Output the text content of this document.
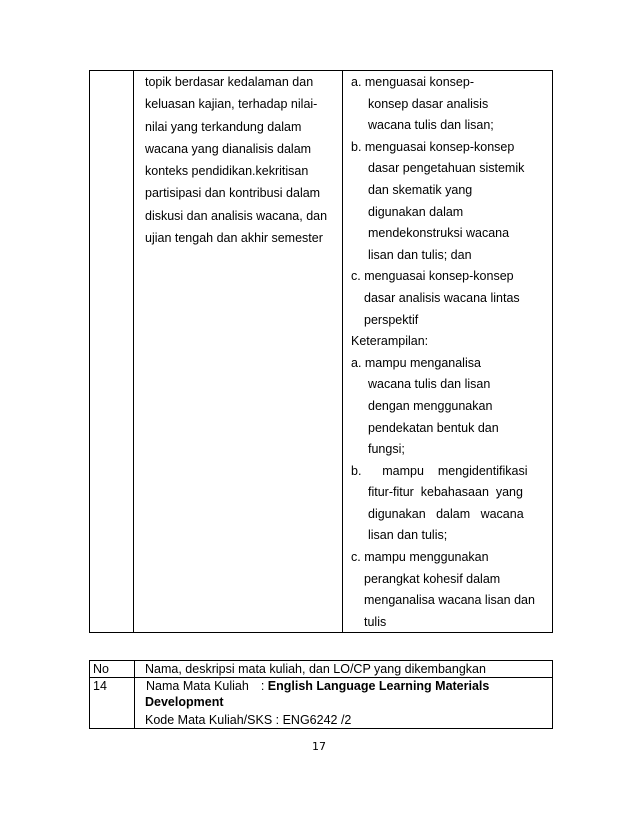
topik berdasar kedalaman dan
keluasan kajian, terhadap nilai-
nilai yang terkandung dalam
wacana yang dianalisis dalam
konteks pendidikan.kekritisan
partisipasi dan kontribusi dalam
diskusi dan analisis wacana, dan
ujian tengah dan akhir semester
a. menguasai konsep-
konsep dasar analisis
wacana tulis dan lisan;
b. menguasai konsep-konsep
dasar pengetahuan sistemik
dan skematik yang
digunakan dalam
mendekonstruksi wacana
lisan dan tulis; dan
c. menguasai konsep-konsep
dasar analisis wacana lintas
perspektif
Keterampilan:
a. mampu menganalisa
wacana tulis dan lisan
dengan menggunakan
pendekatan bentuk dan
fungsi;
b.      mampu    mengidentifikasi
fitur-fitur  kebahasaan  yang
digunakan   dalam   wacana
lisan dan tulis;
c. mampu menggunakan
perangkat kohesif dalam
menganalisa wacana lisan dan
tulis
No	Nama, deskripsi mata kuliah, dan LO/CP yang dikembangkan
14	Nama Mata Kuliah : English Language Learning Materials
Development
Kode Mata Kuliah/SKS : ENG6242 /2
17
